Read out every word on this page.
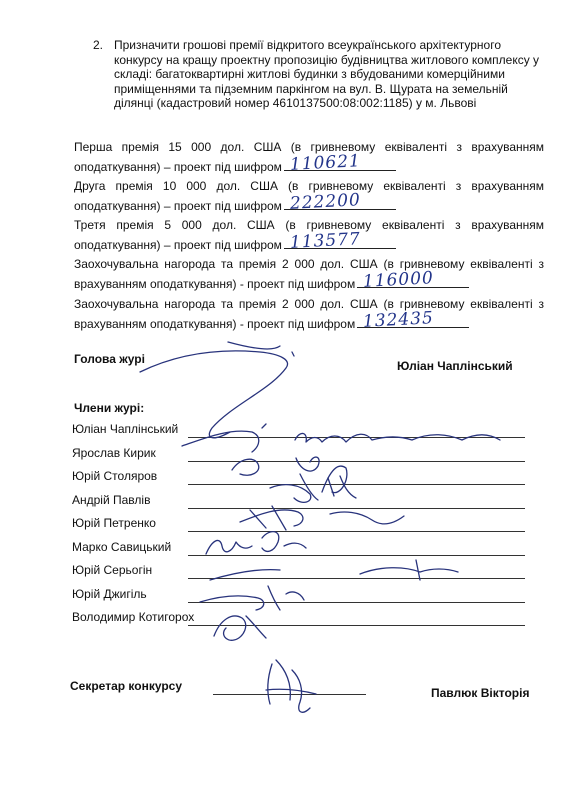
2. Призначити грошові премії відкритого всеукраїнського архітектурного
конкурсу на кращу проектну пропозицію будівництва житлового комплексу у
складі: багатоквартирні житлові будинки з вбудованими комерційними
приміщеннями та підземним паркінгом на вул. В. Щурата на земельній
ділянці (кадастровий номер 4610137500:08:002:1185) у м. Львові
Перша премія 15 000 дол. США (в гривневому еквіваленті з врахуванням
оподаткування) – проект під шифром 110621
Друга премія 10 000 дол. США (в гривневому еквіваленті з врахуванням
оподаткування) – проект під шифром 222200
Третя премія 5 000 дол. США (в гривневому еквіваленті з врахуванням
оподаткування) – проект під шифром 113577
Заохочувальна нагорода та премія 2 000 дол. США (в гривневому еквіваленті з
врахуванням оподаткування) - проект під шифром 116000
Заохочувальна нагорода та премія 2 000 дол. США (в гривневому еквіваленті з
врахуванням оподаткування) - проект під шифром 132435
Голова журі	Юліан Чаплінський
Члени журі:
Юліан Чаплінський
Ярослав Кирик
Юрій Столяров
Андрій Павлів
Юрій Петренко
Марко Савицький
Юрій Серьогін
Юрій Джигіль
Володимир Котигорох
Секретар конкурсу	Павлюк Вікторія
